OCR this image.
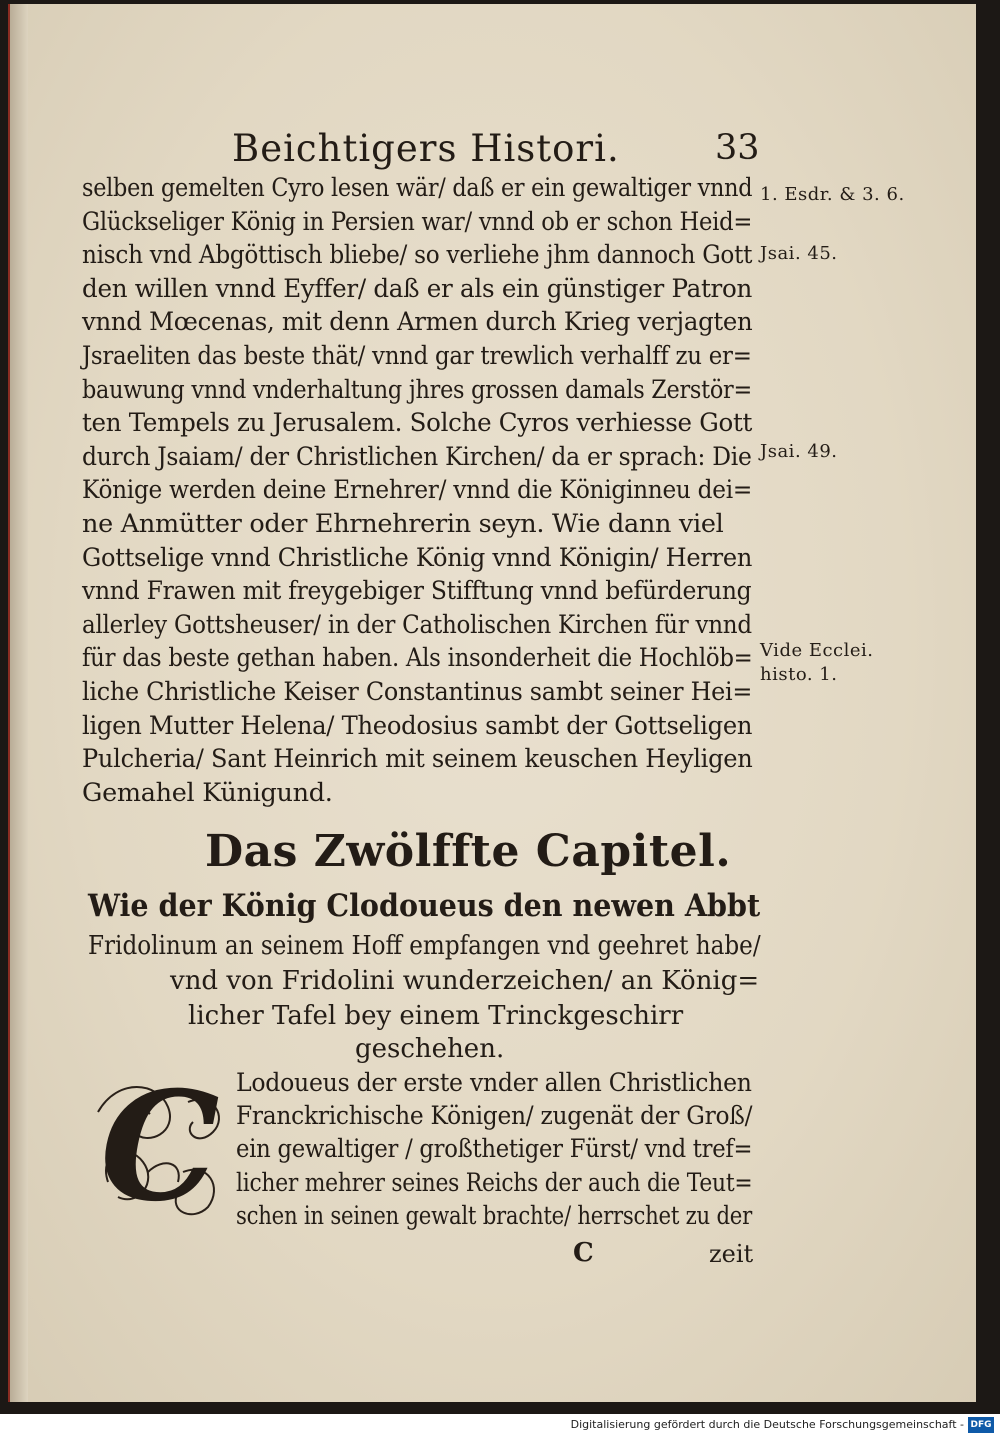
Beichtigers Histori.	33
selben gemelten Cyro lesen wär/ daß er ein gewaltiger vnnd
Glückseliger König in Persien war/ vnnd ob er schon Heid=
nisch vnd Abgöttisch bliebe/ so verliehe jhm dannoch Gott
den willen vnnd Eyffer/ daß er als ein günstiger Patron
vnnd Mœcenas, mit denn Armen durch Krieg verjagten
Jsraeliten das beste thät/ vnnd gar trewlich verhalff zu er=
bauwung vnnd vnderhaltung jhres grossen damals Zerstör=
ten Tempels zu Jerusalem. Solche Cyros verhiesse Gott
durch Jsaiam/ der Christlichen Kirchen/ da er sprach: Die
Könige werden deine Ernehrer/ vnnd die Königinneu dei=
ne Anmütter oder Ehrnehrerin seyn. Wie dann viel
Gottselige vnnd Christliche König vnnd Königin/ Herren
vnnd Frawen mit freygebiger Stifftung vnnd befürderung
allerley Gottsheuser/ in der Catholischen Kirchen für vnnd
für das beste gethan haben. Als insonderheit die Hochlöb=
liche Christliche Keiser Constantinus sambt seiner Hei=
ligen Mutter Helena/ Theodosius sambt der Gottseligen
Pulcheria/ Sant Heinrich mit seinem keuschen Heyligen
Gemahel Künigund.
1. Esdr. & 3. 6.
Jsai. 45.
Jsai. 49.
Vide Ecclei.
histo. 1.
Das Zwölffte Capitel.
Wie der König Clodoueus den newen Abbt
Fridolinum an seinem Hoff empfangen vnd geehret habe/
vnd von Fridolini wunderzeichen/ an König=
licher Tafel bey einem Trinckgeschirr
geschehen.
C Lodoueus der erste vnder allen Christlichen
Franckrichische Königen/ zugenät der Groß/
ein gewaltiger / großthetiger Fürst/ vnd tref=
licher mehrer seines Reichs der auch die Teut=
schen in seinen gewalt brachte/ herrschet zu der
C	zeit
Digitalisierung gefördert durch die Deutsche Forschungsgemeinschaft - DFG
